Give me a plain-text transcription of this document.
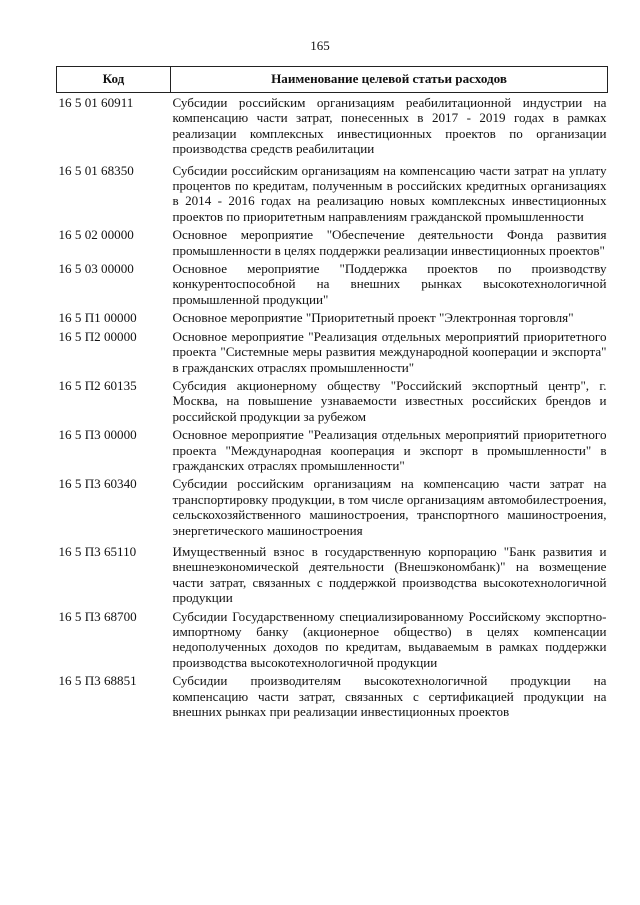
165
Код	Наименование целевой статьи расходов
16 5 01 60911	Субсидии российским организациям реабилитационной индустрии на компенсацию части затрат, понесенных в 2017 - 2019 годах в рамках реализации комплексных инвестиционных проектов по организации производства средств реабилитации
16 5 01 68350	Субсидии российским организациям на компенсацию части затрат на уплату процентов по кредитам, полученным в российских кредитных организациях в 2014 - 2016 годах на реализацию новых комплексных инвестиционных проектов по приоритетным направлениям гражданской промышленности
16 5 02 00000	Основное мероприятие "Обеспечение деятельности Фонда развития промышленности в целях поддержки реализации инвестиционных проектов"
16 5 03 00000	Основное мероприятие "Поддержка проектов по производству конкурентоспособной на внешних рынках высокотехнологичной промышленной продукции"
16 5 П1 00000	Основное мероприятие "Приоритетный проект "Электронная торговля"
16 5 П2 00000	Основное мероприятие "Реализация отдельных мероприятий приоритетного проекта "Системные меры развития международной кооперации и экспорта" в гражданских отраслях промышленности"
16 5 П2 60135	Субсидия акционерному обществу "Российский экспортный центр", г. Москва, на повышение узнаваемости известных российских брендов и российской продукции за рубежом
16 5 П3 00000	Основное мероприятие "Реализация отдельных мероприятий приоритетного проекта "Международная кооперация и экспорт в промышленности" в гражданских отраслях промышленности"
16 5 П3 60340	Субсидии российским организациям на компенсацию части затрат на транспортировку продукции, в том числе организациям автомобилестроения, сельскохозяйственного машиностроения, транспортного машиностроения, энергетического машиностроения
16 5 П3 65110	Имущественный взнос в государственную корпорацию "Банк развития и внешнеэкономической деятельности (Внешэкономбанк)" на возмещение части затрат, связанных с поддержкой производства высокотехнологичной продукции
16 5 П3 68700	Субсидии Государственному специализированному Российскому экспортно-импортному банку (акционерное общество) в целях компенсации недополученных доходов по кредитам, выдаваемым в рамках поддержки производства высокотехнологичной продукции
16 5 П3 68851	Субсидии производителям высокотехнологичной продукции на компенсацию части затрат, связанных с сертификацией продукции на внешних рынках при реализации инвестиционных проектов
